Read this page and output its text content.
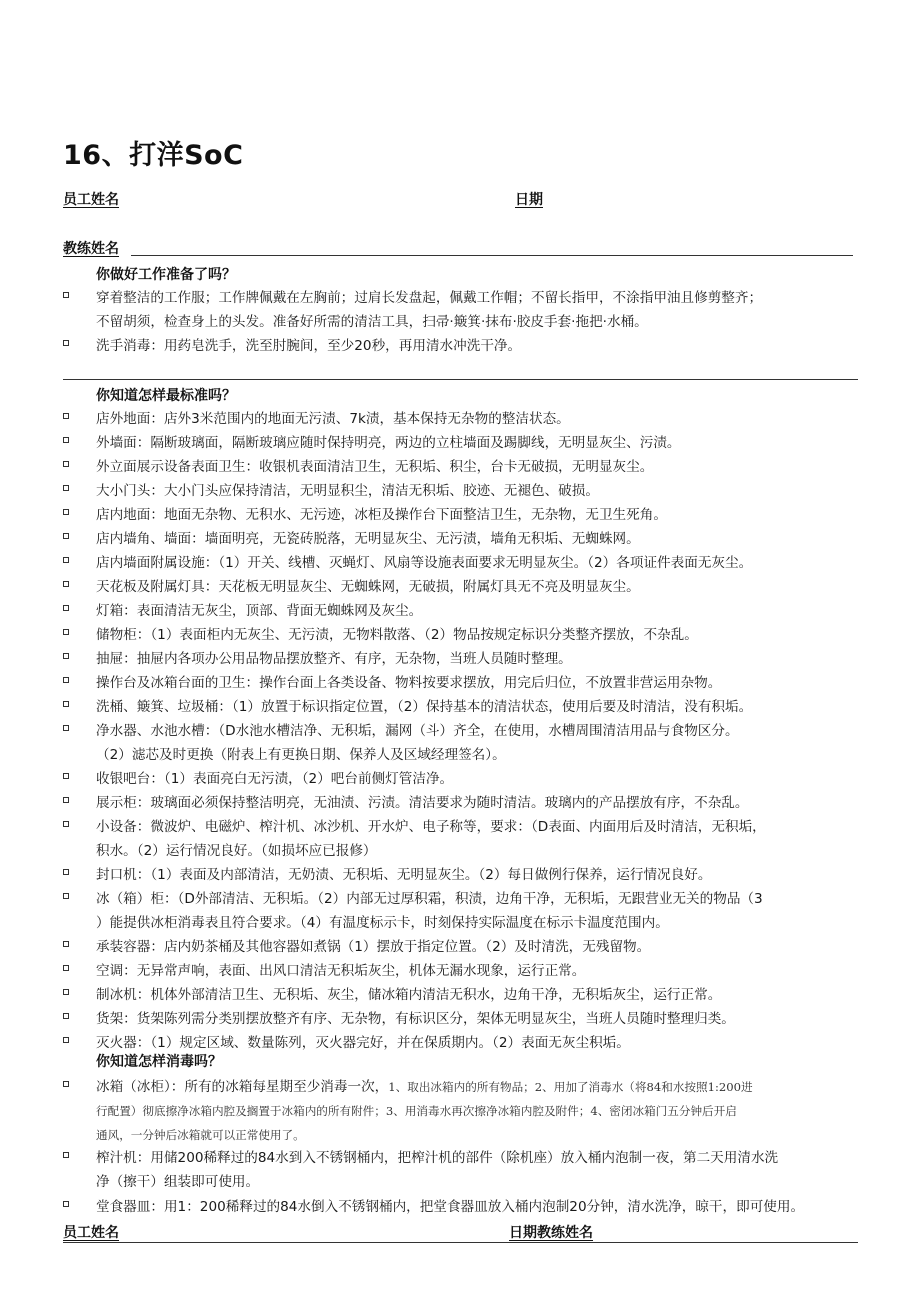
16、打洋SoC
员工姓名	日期
教练姓名
你做好工作准备了吗？
穿着整洁的工作服；工作牌佩戴在左胸前；过肩长发盘起，佩戴工作帽；不留长指甲，不涂指甲油且修剪整齐；
不留胡须，检查身上的头发。准备好所需的清洁工具，扫帚·簸箕·抹布·胶皮手套·拖把·水桶。
洗手消毒：用药皂洗手，洗至肘腕间，至少20秒，再用清水冲洗干净。
你知道怎样最标准吗？
店外地面：店外3米范围内的地面无污渍、7k渍，基本保持无杂物的整洁状态。
外墙面：隔断玻璃面，隔断玻璃应随时保持明亮，两边的立柱墙面及踢脚线，无明显灰尘、污渍。
外立面展示设备表面卫生：收银机表面清洁卫生，无积垢、积尘，台卡无破损，无明显灰尘。
大小门头：大小门头应保持清洁，无明显积尘，清洁无积垢、胶迹、无褪色、破损。
店内地面：地面无杂物、无积水、无污迹，冰柜及操作台下面整洁卫生，无杂物，无卫生死角。
店内墙角、墙面：墙面明亮，无瓷砖脱落，无明显灰尘、无污渍，墙角无积垢、无蜘蛛网。
店内墙面附属设施：（1）开关、线槽、灭蝇灯、风扇等设施表面要求无明显灰尘。（2）各项证件表面无灰尘。
天花板及附属灯具：天花板无明显灰尘、无蜘蛛网，无破损，附属灯具无不亮及明显灰尘。
灯箱：表面清洁无灰尘，顶部、背面无蜘蛛网及灰尘。
储物柜：（1）表面柜内无灰尘、无污渍，无物料散落、（2）物品按规定标识分类整齐摆放，不杂乱。
抽屉：抽屉内各项办公用品物品摆放整齐、有序，无杂物，当班人员随时整理。
操作台及冰箱台面的卫生：操作台面上各类设备、物料按要求摆放，用完后归位，不放置非营运用杂物。
洗桶、簸箕、垃圾桶：（1）放置于标识指定位置，（2）保持基本的清洁状态，使用后要及时清洁，没有积垢。
净水器、水池水槽：（D水池水槽洁净、无积垢，漏网（斗）齐全，在使用，水槽周围清洁用品与食物区分。
（2）滤芯及时更换（附表上有更换日期、保养人及区域经理签名）。
收银吧台：（1）表面亮白无污渍，（2）吧台前侧灯管洁净。
展示柜：玻璃面必须保持整洁明亮，无油渍、污渍。清洁要求为随时清洁。玻璃内的产品摆放有序，不杂乱。
小设备：微波炉、电磁炉、榨汁机、冰沙机、开水炉、电子称等，要求：（D表面、内面用后及时清洁，无积垢，
积水。（2）运行情况良好。（如损坏应已报修）
封口机：（1）表面及内部清洁，无奶渍、无积垢、无明显灰尘。（2）每日做例行保养，运行情况良好。
冰（箱）柜：（D外部清洁、无积垢。（2）内部无过厚积霜，积渍，边角干净，无积垢，无跟营业无关的物品（3
）能提供冰柜消毒表且符合要求。（4）有温度标示卡，时刻保持实际温度在标示卡温度范围内。
承装容器：店内奶茶桶及其他容器如煮锅（1）摆放于指定位置。（2）及时清洗，无残留物。
空调：无异常声响，表面、出风口清洁无积垢灰尘，机体无漏水现象，运行正常。
制冰机：机体外部清洁卫生、无积垢、灰尘，储冰箱内清洁无积水，边角干净，无积垢灰尘，运行正常。
货架：货架陈列需分类别摆放整齐有序、无杂物，有标识区分，架体无明显灰尘，当班人员随时整理归类。
灭火器：（1）规定区域、数量陈列，灭火器完好，并在保质期内。（2）表面无灰尘积垢。
你知道怎样消毒吗？
冰箱（冰柜）：所有的冰箱每星期至少消毒一次，1、取出冰箱内的所有物品；2、用加了消毒水（将84和水按照1:200进
行配置）彻底擦净冰箱内腔及搁置于冰箱内的所有附件；3、用消毒水再次擦净冰箱内腔及附件；4、密闭冰箱门五分钟后开启
通风，一分钟后冰箱就可以正常使用了。
榨汁机：用储200稀释过的84水到入不锈钢桶内，把榨汁机的部件（除机座）放入桶内泡制一夜，第二天用清水洗
净（擦干）组装即可使用。
堂食器皿：用1：200稀释过的84水倒入不锈钢桶内，把堂食器皿放入桶内泡制20分钟，清水洗净，晾干，即可使用。
员工姓名	日期教练姓名
